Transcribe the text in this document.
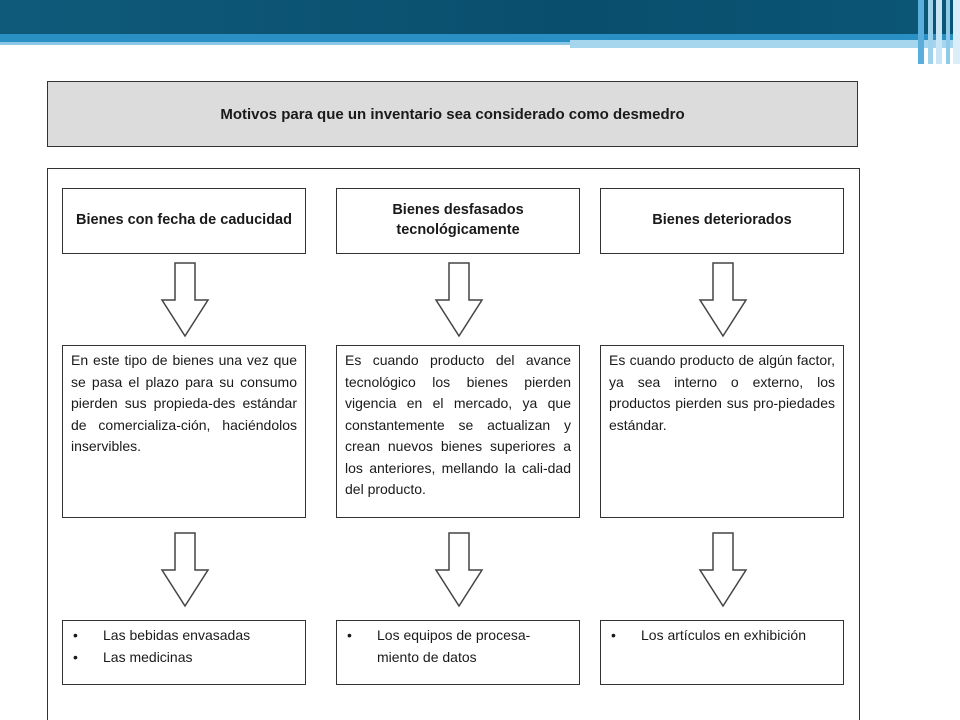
Motivos para que un inventario sea considerado como desmedro
Bienes con fecha de caducidad
En este tipo de bienes una vez que se pasa el plazo para su consumo pierden sus propieda-des estándar de comercializa-ción, haciéndolos inservibles.
• Las bebidas envasadas
• Las medicinas
Bienes desfasados tecnológicamente
Es cuando producto del avance tecnológico los bienes pierden vigencia en el mercado, ya que constantemente se actualizan y crean nuevos bienes superiores a los anteriores, mellando la cali-dad del producto.
• Los equipos de procesa-miento de datos
Bienes deteriorados
Es cuando producto de algún factor, ya sea interno o externo, los productos pierden sus pro-piedades estándar.
• Los artículos en exhibición
